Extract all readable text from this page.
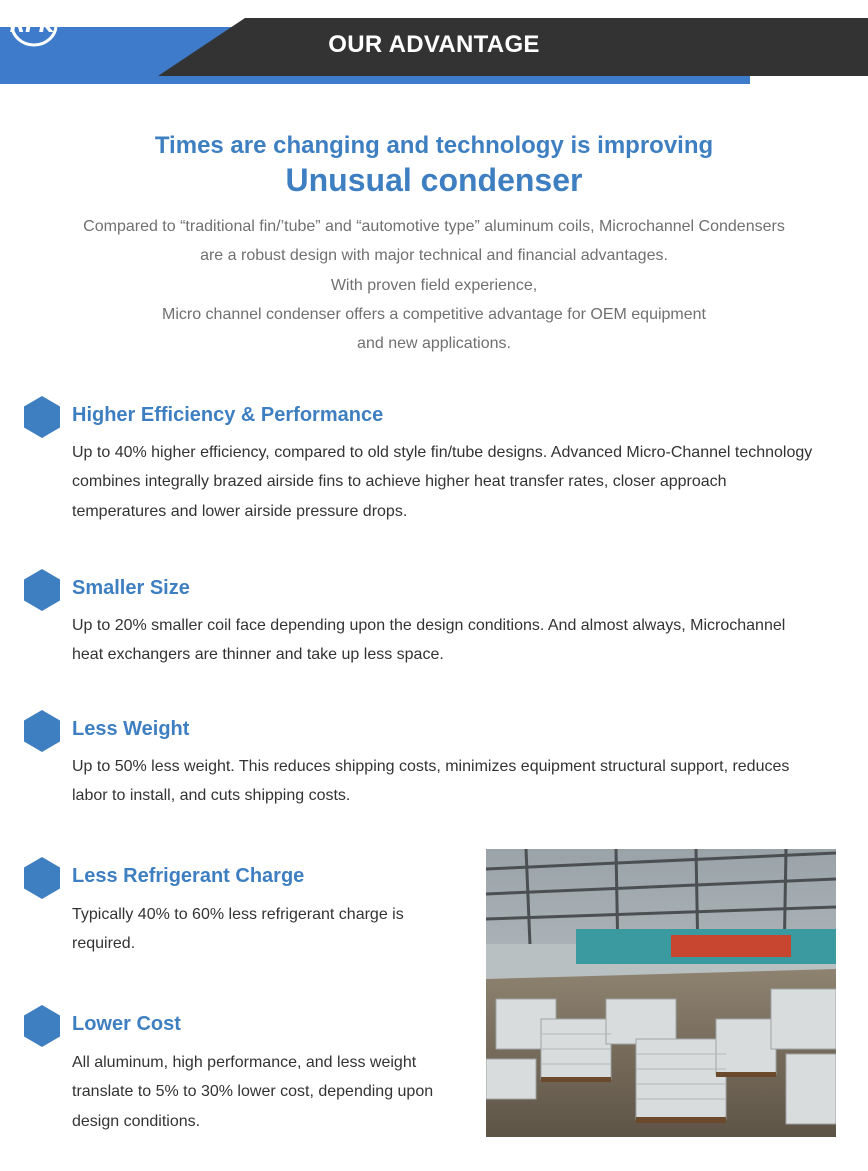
OUR ADVANTAGE
RFK
Times are changing and technology is improving
Unusual condenser
Compared to “traditional fin/’tube” and “automotive type” aluminum coils, Microchannel Condensers
are a robust design with major technical and financial advantages.
With proven field experience,
Micro channel condenser offers a competitive advantage for OEM equipment
and new applications.
Higher Efficiency & Performance
Up to 40% higher efficiency, compared to old style fin/tube designs. Advanced Micro-Channel technology
combines integrally brazed airside fins to achieve higher heat transfer rates, closer approach
temperatures and lower airside pressure drops.
Smaller Size
Up to 20% smaller coil face depending upon the design conditions. And almost always, Microchannel
heat exchangers are thinner and take up less space.
Less Weight
Up to 50% less weight. This reduces shipping costs, minimizes equipment structural support, reduces
labor to install, and cuts shipping costs.
Less Refrigerant Charge
Typically 40% to 60% less refrigerant charge is
required.
Lower Cost
All aluminum, high performance, and less weight
translate to 5% to 30% lower cost, depending upon
design conditions.
